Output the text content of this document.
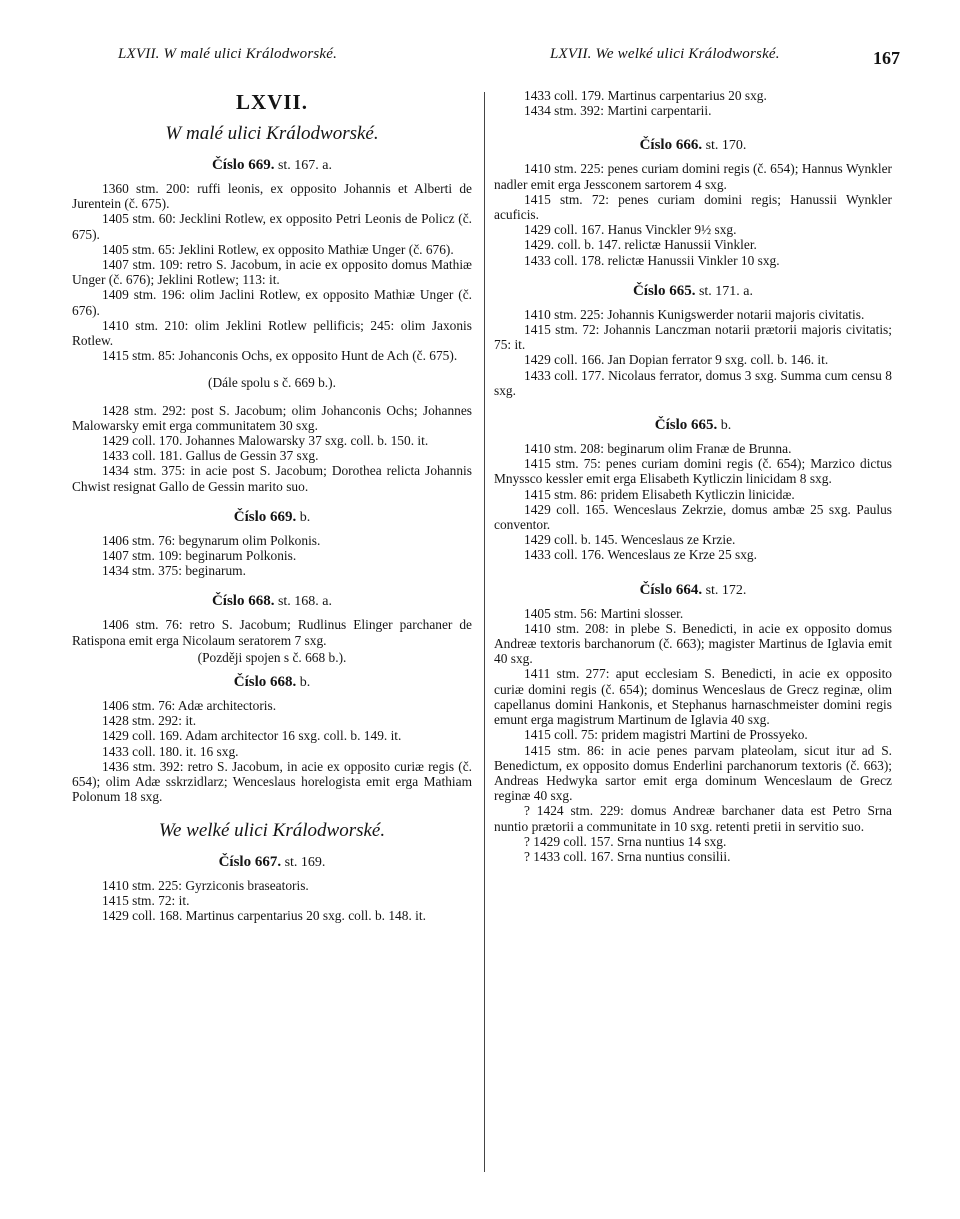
LXVII. W malé ulici Králodworské.	LXVII. We welké ulici Králodworské.	167
LXVII.
W malé ulici Králodworské.
Číslo 669. st. 167. a.

1360 stm. 200: ruffi leonis, ex opposito Johannis et Alberti de Jurentein (č. 675).

1405 stm. 60: Jecklini Rotlew, ex opposito Petri Leonis de Policz (č. 675).

1405 stm. 65: Jeklini Rotlew, ex opposito Mathiæ Unger (č. 676).

1407 stm. 109: retro S. Jacobum, in acie ex opposito domus Mathiæ Unger (č. 676); Jeklini Rotlew; 113: it.

1409 stm. 196: olim Jaclini Rotlew, ex opposito Mathiæ Unger (č. 676).

1410 stm. 210: olim Jeklini Rotlew pellificis; 245: olim Jaxonis Rotlew.

1415 stm. 85: Johanconis Ochs, ex opposito Hunt de Ach (č. 675).

(Dále spolu s č. 669 b.).

1428 stm. 292: post S. Jacobum; olim Johanconis Ochs; Johannes Malowarsky emit erga communitatem 30 sxg.

1429 coll. 170. Johannes Malowarsky 37 sxg. coll. b. 150. it.

1433 coll. 181. Gallus de Gessin 37 sxg.

1434 stm. 375: in acie post S. Jacobum; Dorothea relicta Johannis Chwist resignat Gallo de Gessin marito suo.

Číslo 669. b.

1406 stm. 76: begynarum olim Polkonis.

1407 stm. 109: beginarum Polkonis.

1434 stm. 375: beginarum.

Číslo 668. st. 168. a.

1406 stm. 76: retro S. Jacobum; Rudlinus Elinger parchaner de Ratispona emit erga Nicolaum seratorem 7 sxg.

(Později spojen s č. 668 b.).
Číslo 668. b.

1406 stm. 76: Adæ architectoris.

1428 stm. 292: it.

1429 coll. 169. Adam architector 16 sxg. coll. b. 149. it.

1433 coll. 180. it. 16 sxg.

1436 stm. 392: retro S. Jacobum, in acie ex opposito curiæ regis (č. 654); olim Adæ sskrzidlarz; Wenceslaus horelogista emit erga Mathiam Polonum 18 sxg.

We welké ulici Králodworské.
Číslo 667. st. 169.

1410 stm. 225: Gyrziconis braseatoris.

1415 stm. 72: it.

1429 coll. 168. Martinus carpentarius 20 sxg. coll. b. 148. it.

1433 coll. 179. Martinus carpentarius 20 sxg.

1434 stm. 392: Martini carpentarii.

Číslo 666. st. 170.

1410 stm. 225: penes curiam domini regis (č. 654); Hannus Wynkler nadler emit erga Jessconem sartorem 4 sxg.

1415 stm. 72: penes curiam domini regis; Hanussii Wynkler acuficis.

1429 coll. 167. Hanus Vinckler 9½ sxg.

1429. coll. b. 147. relictæ Hanussii Vinkler.

1433 coll. 178. relictæ Hanussii Vinkler 10 sxg.

Číslo 665. st. 171. a.

1410 stm. 225: Johannis Kunigswerder notarii majoris civitatis.

1415 stm. 72: Johannis Lanczman notarii prætorii majoris civitatis; 75: it.

1429 coll. 166. Jan Dopian ferrator 9 sxg. coll. b. 146. it.

1433 coll. 177. Nicolaus ferrator, domus 3 sxg. Summa cum censu 8 sxg.

Číslo 665. b.

1410 stm. 208: beginarum olim Franæ de Brunna.

1415 stm. 75: penes curiam domini regis (č. 654); Marzico dictus Mnyssco kessler emit erga Elisabeth Kytliczin linicidam 8 sxg.

1415 stm. 86: pridem Elisabeth Kytliczin linicidæ.

1429 coll. 165. Wenceslaus Zekrzie, domus ambæ 25 sxg. Paulus conventor.

1429 coll. b. 145. Wenceslaus ze Krzie.

1433 coll. 176. Wenceslaus ze Krze 25 sxg.

Číslo 664. st. 172.

1405 stm. 56: Martini slosser.

1410 stm. 208: in plebe S. Benedicti, in acie ex opposito domus Andreæ textoris barchanorum (č. 663); magister Martinus de Iglavia emit 40 sxg.

1411 stm. 277: aput ecclesiam S. Benedicti, in acie ex opposito curiæ domini regis (č. 654); dominus Wenceslaus de Grecz reginæ, olim capellanus domini Hankonis, et Stephanus harnaschmeister domini regis emunt erga magistrum Martinum de Iglavia 40 sxg.

1415 coll. 75: pridem magistri Martini de Prossyeko.

1415 stm. 86: in acie penes parvam plateolam, sicut itur ad S. Benedictum, ex opposito domus Enderlini parchanorum textoris (č. 663); Andreas Hedwyka sartor emit erga dominum Wenceslaum de Grecz reginæ 40 sxg.

? 1424 stm. 229: domus Andreæ barchaner data est Petro Srna nuntio prætorii a communitate in 10 sxg. retenti pretii in servitio suo.

? 1429 coll. 157. Srna nuntius 14 sxg.

? 1433 coll. 167. Srna nuntius consilii.
